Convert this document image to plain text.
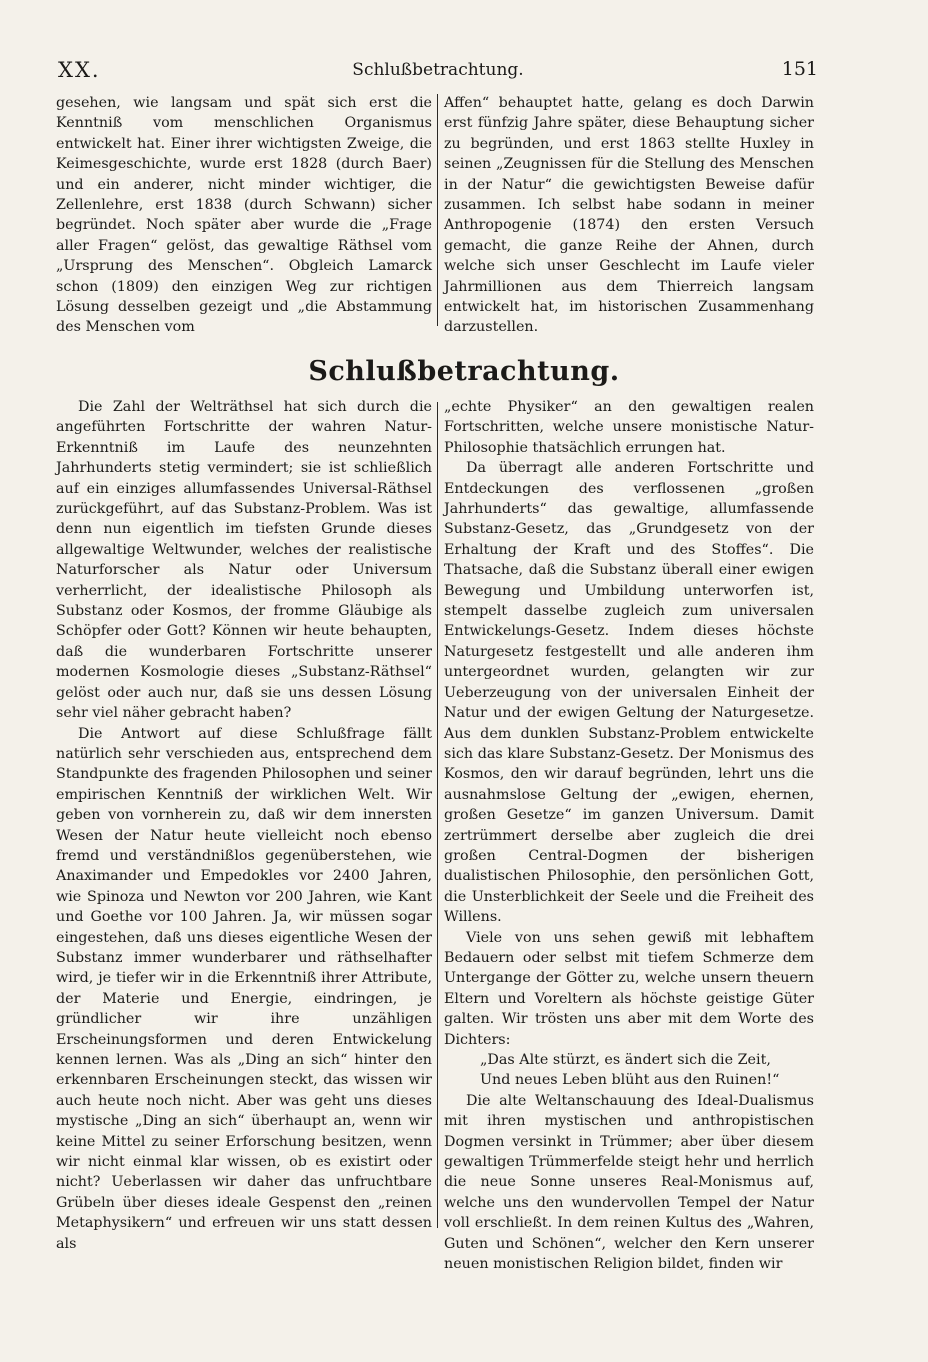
Schlußbetrachtung.
XX.	151

gesehen, wie langsam und spät sich erst die Kenntniß vom menschlichen Organismus entwickelt hat. Einer ihrer wichtigsten Zweige, die Keimesgeschichte, wurde erst 1828 (durch Baer) und ein anderer, nicht minder wichtiger, die Zellenlehre, erst 1838 (durch Schwann) sicher begründet. Noch später aber wurde die „Frage aller Fragen“ gelöst, das gewaltige Räthsel vom „Ursprung des Menschen“. Obgleich Lamarck schon (1809) den einzigen Weg zur richtigen Lösung desselben gezeigt und „die Abstammung des Menschen vom

Affen“ behauptet hatte, gelang es doch Darwin erst fünfzig Jahre später, diese Behauptung sicher zu begründen, und erst 1863 stellte Huxley in seinen „Zeugnissen für die Stellung des Menschen in der Natur“ die gewichtigsten Beweise dafür zusammen. Ich selbst habe sodann in meiner Anthropogenie (1874) den ersten Versuch gemacht, die ganze Reihe der Ahnen, durch welche sich unser Geschlecht im Laufe vieler Jahrmillionen aus dem Thierreich langsam entwickelt hat, im historischen Zusammenhang darzustellen.

Schlußbetrachtung.

Die Zahl der Welträthsel hat sich durch die angeführten Fortschritte der wahren Natur-Erkenntniß im Laufe des neunzehnten Jahrhunderts stetig vermindert; sie ist schließlich auf ein einziges allumfassendes Universal-Räthsel zurückgeführt, auf das Substanz-Problem. Was ist denn nun eigentlich im tiefsten Grunde dieses allgewaltige Weltwunder, welches der realistische Naturforscher als Natur oder Universum verherrlicht, der idealistische Philosoph als Substanz oder Kosmos, der fromme Gläubige als Schöpfer oder Gott? Können wir heute behaupten, daß die wunderbaren Fortschritte unserer modernen Kosmologie dieses „Substanz-Räthsel“ gelöst oder auch nur, daß sie uns dessen Lösung sehr viel näher gebracht haben?

Die Antwort auf diese Schlußfrage fällt natürlich sehr verschieden aus, entsprechend dem Standpunkte des fragenden Philosophen und seiner empirischen Kenntniß der wirklichen Welt. Wir geben von vornherein zu, daß wir dem innersten Wesen der Natur heute vielleicht noch ebenso fremd und verständnißlos gegenüberstehen, wie Anaximander und Empedokles vor 2400 Jahren, wie Spinoza und Newton vor 200 Jahren, wie Kant und Goethe vor 100 Jahren. Ja, wir müssen sogar eingestehen, daß uns dieses eigentliche Wesen der Substanz immer wunderbarer und räthselhafter wird, je tiefer wir in die Erkenntniß ihrer Attribute, der Materie und Energie, eindringen, je gründlicher wir ihre unzähligen Erscheinungsformen und deren Entwickelung kennen lernen. Was als „Ding an sich“ hinter den erkennbaren Erscheinungen steckt, das wissen wir auch heute noch nicht. Aber was geht uns dieses mystische „Ding an sich“ überhaupt an, wenn wir keine Mittel zu seiner Erforschung besitzen, wenn wir nicht einmal klar wissen, ob es existirt oder nicht? Ueberlassen wir daher das unfruchtbare Grübeln über dieses ideale Gespenst den „reinen Metaphysikern“ und erfreuen wir uns statt dessen als

„echte Physiker“ an den gewaltigen realen Fortschritten, welche unsere monistische Natur-Philosophie thatsächlich errungen hat.

Da überragt alle anderen Fortschritte und Entdeckungen des verflossenen „großen Jahrhunderts“ das gewaltige, allumfassende Substanz-Gesetz, das „Grundgesetz von der Erhaltung der Kraft und des Stoffes“. Die Thatsache, daß die Substanz überall einer ewigen Bewegung und Umbildung unterworfen ist, stempelt dasselbe zugleich zum universalen Entwickelungs-Gesetz. Indem dieses höchste Naturgesetz festgestellt und alle anderen ihm untergeordnet wurden, gelangten wir zur Ueberzeugung von der universalen Einheit der Natur und der ewigen Geltung der Naturgesetze. Aus dem dunklen Substanz-Problem entwickelte sich das klare Substanz-Gesetz. Der Monismus des Kosmos, den wir darauf begründen, lehrt uns die ausnahmslose Geltung der „ewigen, ehernen, großen Gesetze“ im ganzen Universum. Damit zertrümmert derselbe aber zugleich die drei großen Central-Dogmen der bisherigen dualistischen Philosophie, den persönlichen Gott, die Unsterblichkeit der Seele und die Freiheit des Willens.

Viele von uns sehen gewiß mit lebhaftem Bedauern oder selbst mit tiefem Schmerze dem Untergange der Götter zu, welche unsern theuern Eltern und Voreltern als höchste geistige Güter galten. Wir trösten uns aber mit dem Worte des Dichters:

„Das Alte stürzt, es ändert sich die Zeit,

Und neues Leben blüht aus den Ruinen!“

Die alte Weltanschauung des Ideal-Dualismus mit ihren mystischen und anthropistischen Dogmen versinkt in Trümmer; aber über diesem gewaltigen Trümmerfelde steigt hehr und herrlich die neue Sonne unseres Real-Monismus auf, welche uns den wundervollen Tempel der Natur voll erschließt. In dem reinen Kultus des „Wahren, Guten und Schönen“, welcher den Kern unserer neuen monistischen Religion bildet, finden wir
